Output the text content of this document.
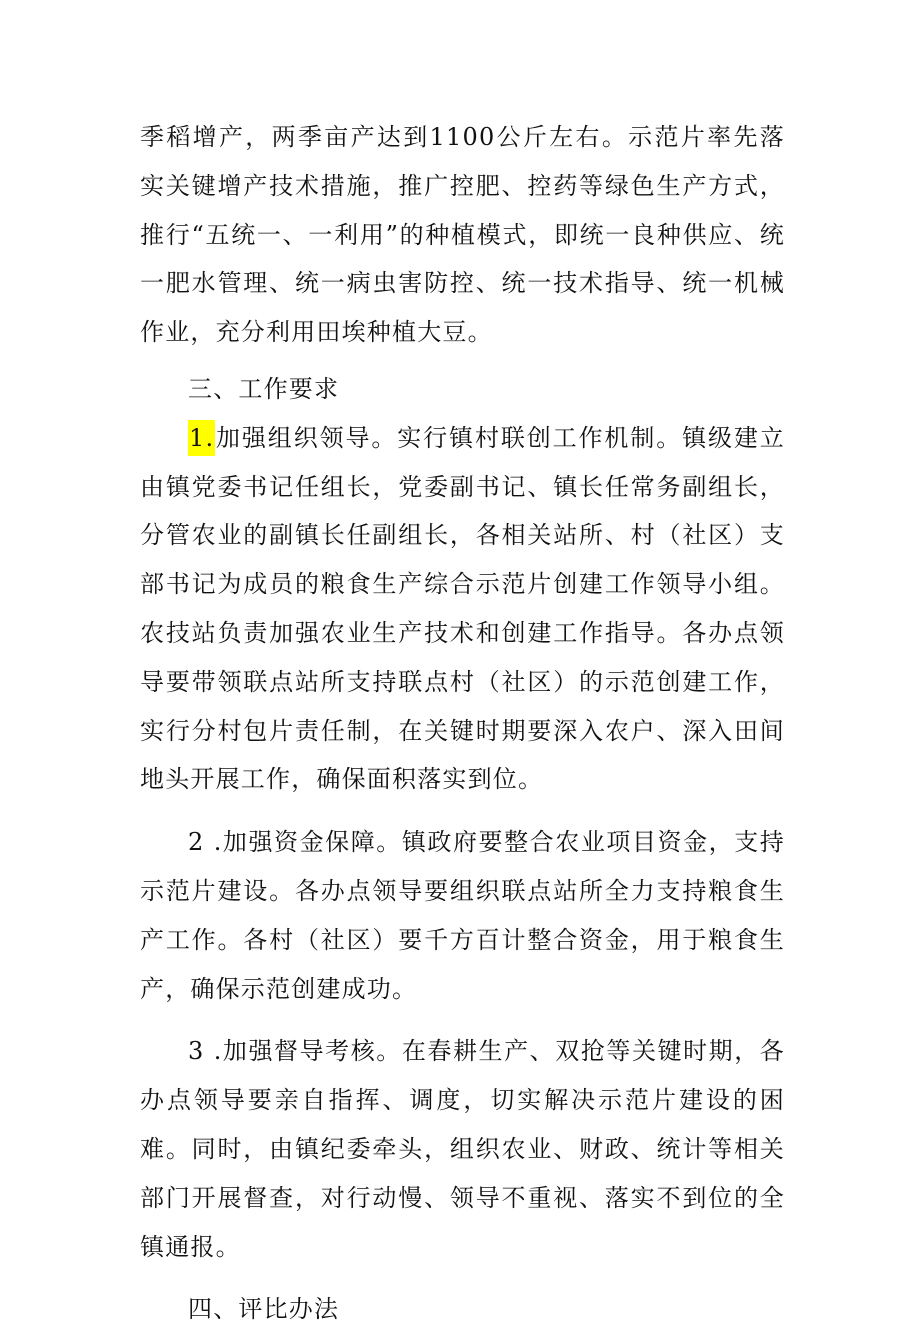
季稻增产，两季亩产达到1100公斤左右。示范片率先落实关键增产技术措施，推广控肥、控药等绿色生产方式，推行“五统一、一利用”的种植模式，即统一良种供应、统一肥水管理、统一病虫害防控、统一技术指导、统一机械作业，充分利用田埃种植大豆。

三、工作要求

1.加强组织领导。实行镇村联创工作机制。镇级建立由镇党委书记任组长，党委副书记、镇长任常务副组长，分管农业的副镇长任副组长，各相关站所、村（社区）支部书记为成员的粮食生产综合示范片创建工作领导小组。农技站负责加强农业生产技术和创建工作指导。各办点领导要带领联点站所支持联点村（社区）的示范创建工作，实行分村包片责任制，在关键时期要深入农户、深入田间地头开展工作，确保面积落实到位。

2 .加强资金保障。镇政府要整合农业项目资金，支持示范片建设。各办点领导要组织联点站所全力支持粮食生产工作。各村（社区）要千方百计整合资金，用于粮食生产，确保示范创建成功。

3 .加强督导考核。在春耕生产、双抢等关键时期，各办点领导要亲自指挥、调度，切实解决示范片建设的困难。同时，由镇纪委牵头，组织农业、财政、统计等相关部门开展督查，对行动慢、领导不重视、落实不到位的全镇通报。

四、评比办法
